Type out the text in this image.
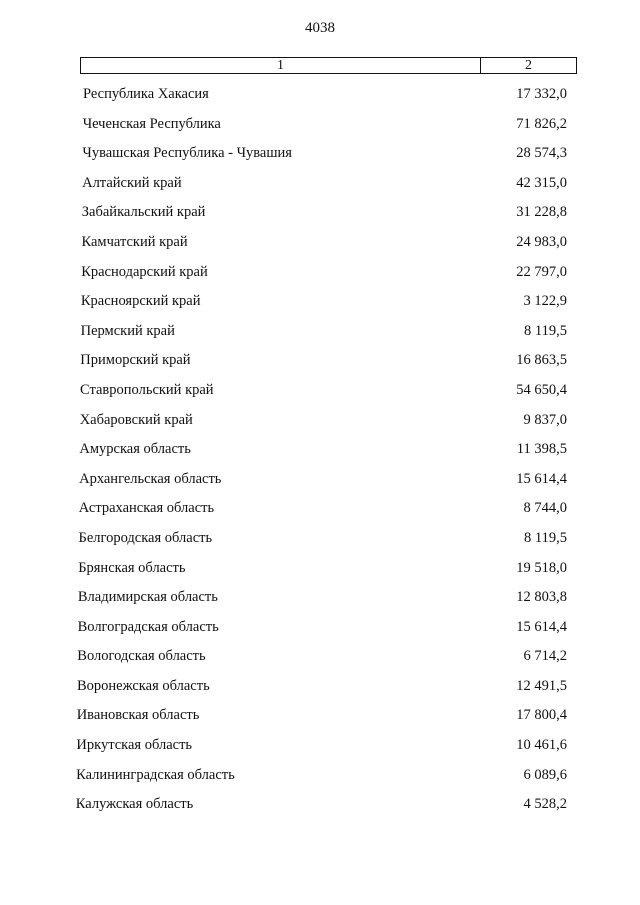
4038
1	2
Республика Хакасия	17 332,0
Чеченская Республика	71 826,2
Чувашская Республика - Чувашия	28 574,3
Алтайский край	42 315,0
Забайкальский край	31 228,8
Камчатский край	24 983,0
Краснодарский край	22 797,0
Красноярский край	3 122,9
Пермский край	8 119,5
Приморский край	16 863,5
Ставропольский край	54 650,4
Хабаровский край	9 837,0
Амурская область	11 398,5
Архангельская область	15 614,4
Астраханская область	8 744,0
Белгородская область	8 119,5
Брянская область	19 518,0
Владимирская область	12 803,8
Волгоградская область	15 614,4
Вологодская область	6 714,2
Воронежская область	12 491,5
Ивановская область	17 800,4
Иркутская область	10 461,6
Калининградская область	6 089,6
Калужская область	4 528,2
